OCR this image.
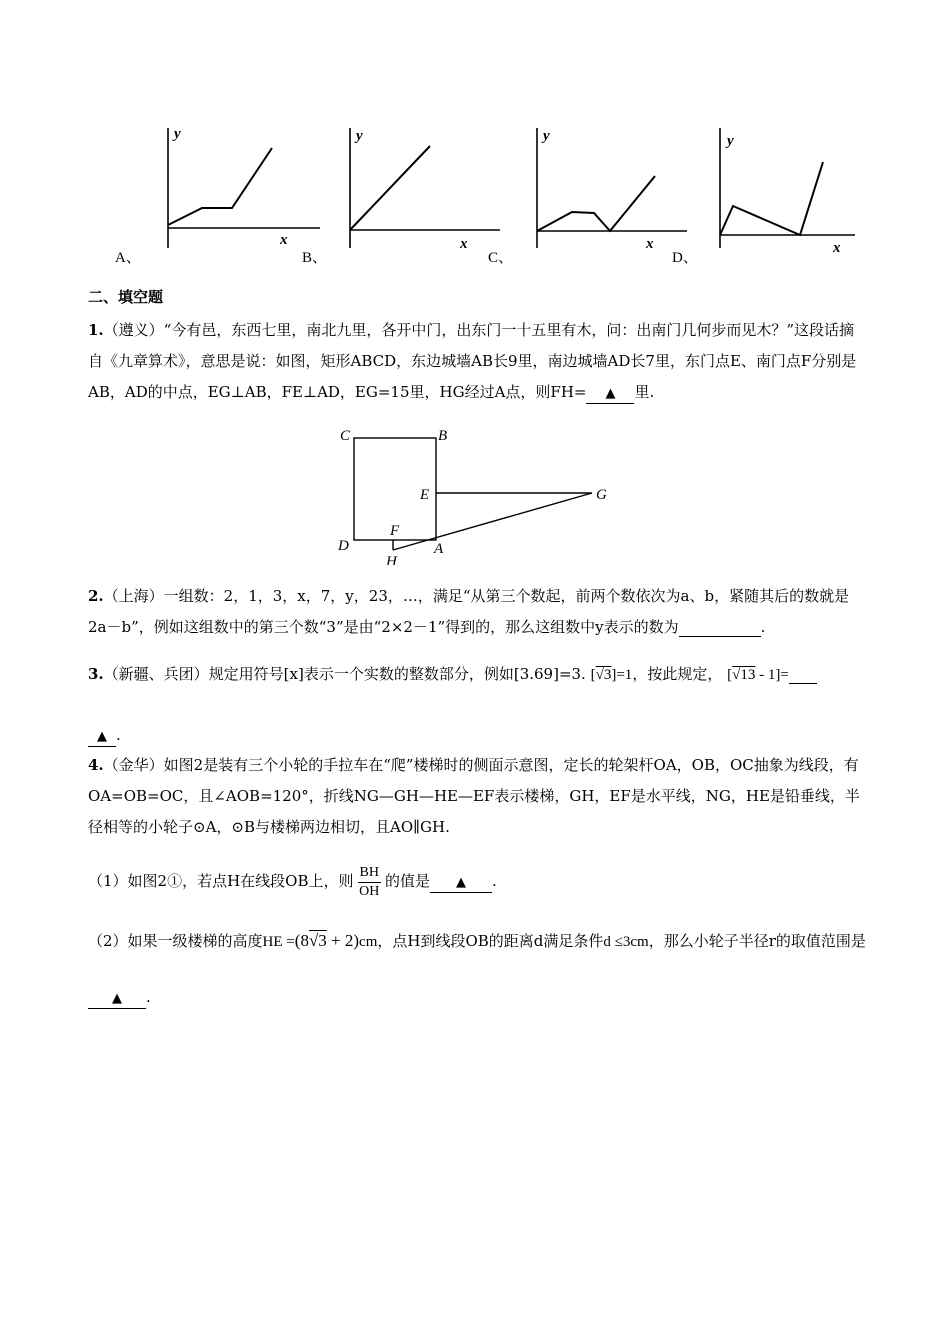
y
x
y
x
y
x
y
x
A、	B、	C、	D、
二、填空题
1.（遵义）“今有邑，东西七里，南北九里，各开中门，出东门一十五里有木，问：出南门几何步而见木？”这段话摘自《九章算术》，意思是说：如图，矩形ABCD，东边城墙AB长9里，南边城墙AD长7里，东门点E、南门点F分别是AB，AD的中点，EG⊥AB，FE⊥AD，EG=15里，HG经过A点，则FH= ▲ 里.
C	B
E	G
F
D	A
H
2.（上海）一组数：2，1，3，x，7，y，23，…，满足“从第三个数起，前两个数依次为a、b，紧随其后的数就是2a－b”，例如这组数中的第三个数“3”是由“2×2－1”得到的，那么这组数中y表示的数为	.
3.（新疆、兵团）规定用符号[x]表示一个实数的整数部分，例如[3.69]=3. [√3]=1，按此规定， [√13 - 1]=
▲ .
4.（金华）如图2是装有三个小轮的手拉车在“爬”楼梯时的侧面示意图，定长的轮架杆OA，OB，OC抽象为线段，有OA=OB=OC，且∠AOB=120°，折线NG—GH—HE—EF表示楼梯，GH，EF是水平线，NG，HE是铅垂线，半径相等的小轮子⊙A，⊙B与楼梯两边相切，且AO∥GH.
（1）如图2①，若点H在线段OB上，则 $\frac{BH}{OH}$ 的值是 ▲ .
（2）如果一级楼梯的高度HE =(8√3 + 2)cm，点H到线段OB的距离d满足条件d ≤3cm，那么小轮子半径r的取值范围是
▲ .
